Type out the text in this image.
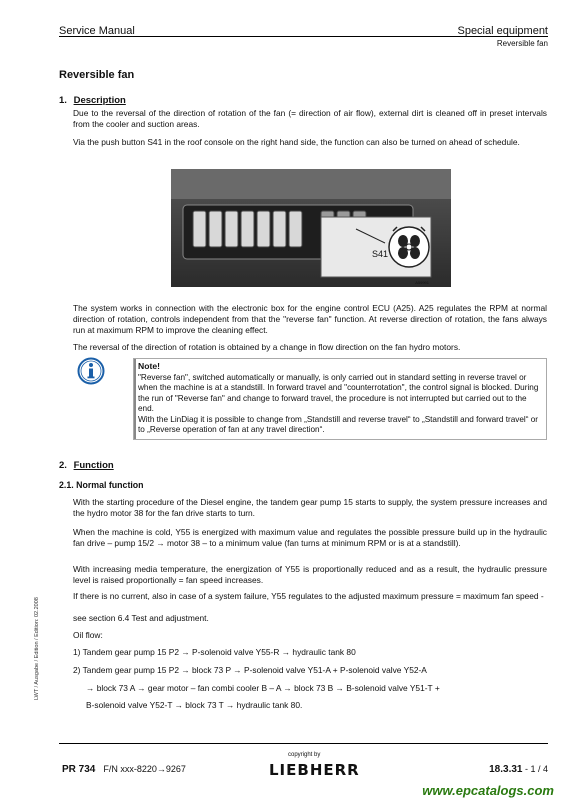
Service Manual	Special equipment
Reversible fan
Reversible fan
1. Description
Due to the reversal of the direction of rotation of the fan (= direction of air flow), external dirt is cleaned off in preset intervals from the cooler and suction areas.
Via the push button S41 in the roof console on the right hand side, the function can also be turned on ahead of schedule.
S41
A59991
The system works in connection with the electronic box for the engine control ECU (A25). A25 regulates the RPM at normal direction of rotation, controls independent from that the "reverse fan" function. At reverse direction of rotation, the fans always run at maximum RPM to improve the cleaning effect.
The reversal of the direction of rotation is obtained by a change in flow direction on the fan hydro motors.
Note!
"Reverse fan", switched automatically or manually, is only carried out in standard setting in reverse travel or when the machine is at a standstill. In forward travel and "counterrotation", the control signal is blocked. During the run of "Reverse fan" and change to forward travel, the procedure is not interrupted but carried out to the end.
With the LinDiag it is possible to change from „Standstill and reverse travel“ to „Standstill and forward travel“ or to „Reverse operation of fan at any travel direction“.
2. Function
2.1. Normal function
With the starting procedure of the Diesel engine, the tandem gear pump 15 starts to supply, the system pressure increases and the hydro motor 38 for the fan drive starts to turn.
When the machine is cold, Y55 is energized with maximum value and regulates the possible pressure build up in the hydraulic fan drive – pump 15/2 → motor 38 – to a minimum value (fan turns at minimum RPM or is at a standstill).
With increasing media temperature, the energization of Y55 is proportionally reduced and as a result, the hydraulic pressure level is raised proportionally = fan speed increases.
If there is no current, also in case of a system failure, Y55 regulates to the adjusted maximum pressure = maximum fan speed -
see section 6.4 Test and adjustment.
Oil flow:
1) Tandem gear pump 15 P2 → P-solenoid valve Y55-R → hydraulic tank 80
2) Tandem gear pump 15 P2 → block 73 P → P-solenoid valve Y51-A + P-solenoid valve Y52-A
→ block 73 A → gear motor – fan combi cooler B – A → block 73 B → B-solenoid valve Y51-T +
B-solenoid valve Y52-T → block 73 T → hydraulic tank 80.
LWT / Ausgabe / Edition / Edition: 02.2008
PR 734 F/N xxx-8220→9267
copyright by
LIEBHERR	18.3.31 - 1 / 4
www.epcatalogs.com
